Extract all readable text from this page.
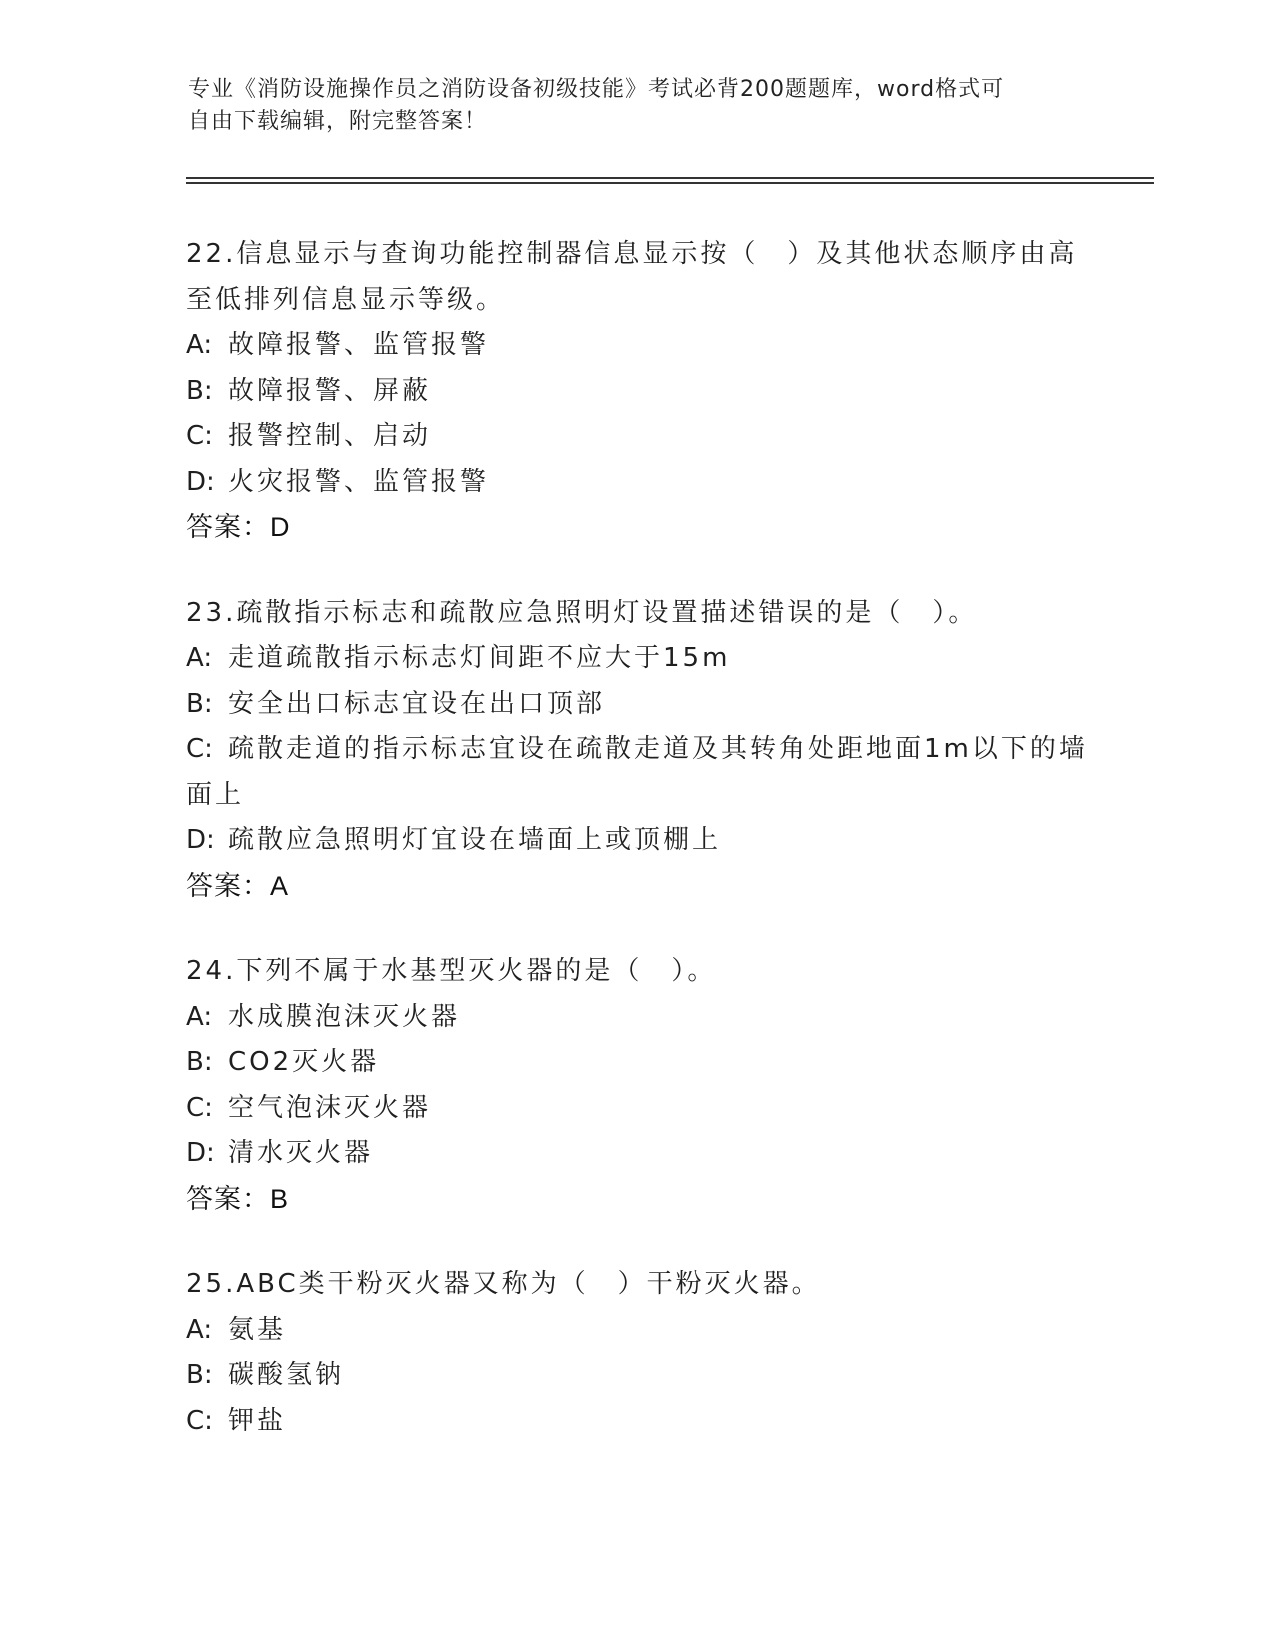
专业《消防设施操作员之消防设备初级技能》考试必背200题题库，word格式可
自由下载编辑，附完整答案！
22.信息显示与查询功能控制器信息显示按（　）及其他状态顺序由高至低排列信息显示等级。
A: 故障报警、监管报警
B: 故障报警、屏蔽
C: 报警控制、启动
D: 火灾报警、监管报警
答案：D
23.疏散指示标志和疏散应急照明灯设置描述错误的是（　）。
A: 走道疏散指示标志灯间距不应大于15m
B: 安全出口标志宜设在出口顶部
C: 疏散走道的指示标志宜设在疏散走道及其转角处距地面1m以下的墙面上
D: 疏散应急照明灯宜设在墙面上或顶棚上
答案：A
24.下列不属于水基型灭火器的是（　）。
A: 水成膜泡沫灭火器
B: CO2灭火器
C: 空气泡沫灭火器
D: 清水灭火器
答案：B
25.ABC类干粉灭火器又称为（　）干粉灭火器。
A: 氨基
B: 碳酸氢钠
C: 钾盐
